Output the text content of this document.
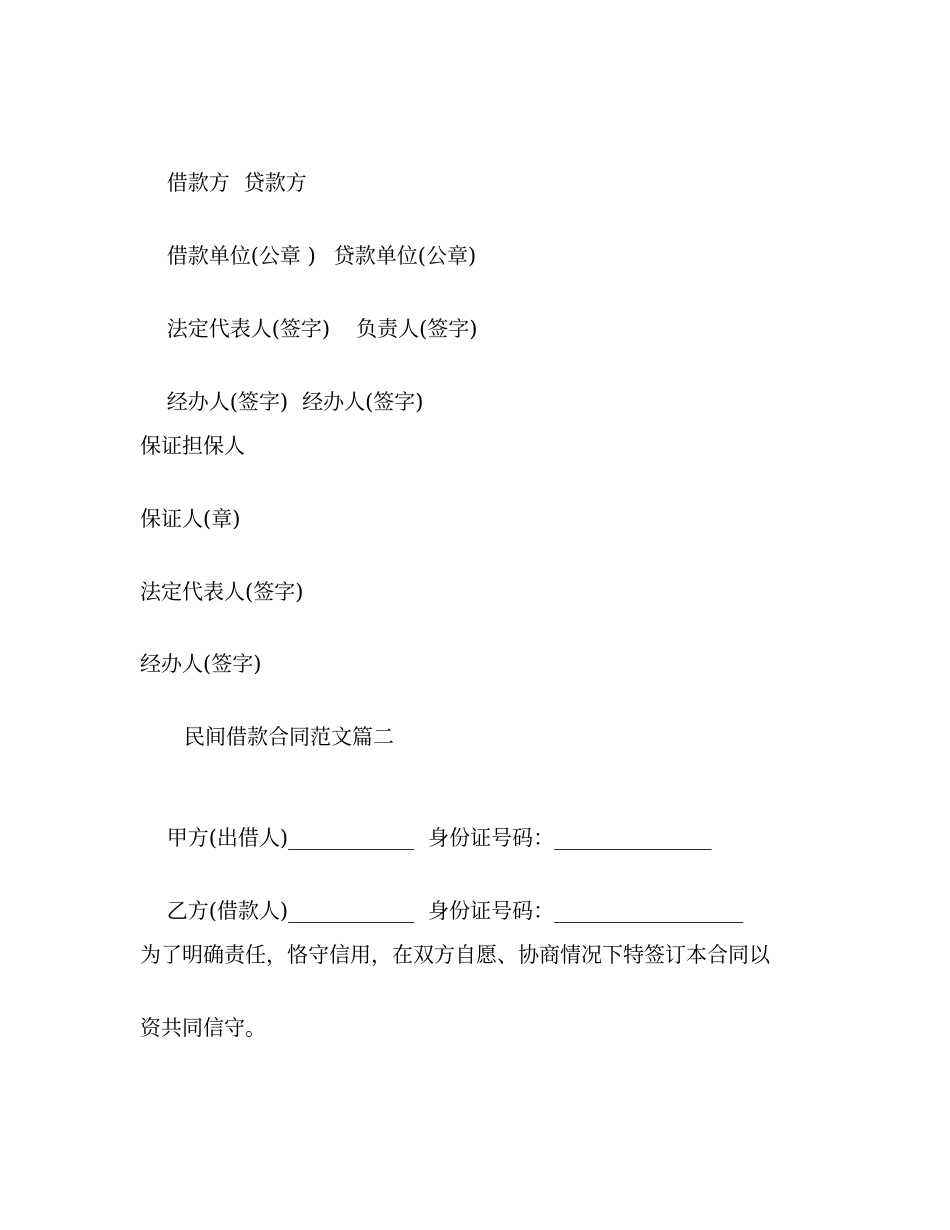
借款方 贷款方

借款单位(公章 ) 贷款单位(公章)

法定代表人(签字) 负责人(签字)

经办人(签字) 经办人(签字)

保证担保人
保证人(章)
法定代表人(签字)
经办人(签字)
民间借款合同范文篇二

甲方(出借人)____________ 身份证号码：_______________

乙方(借款人)____________ 身份证号码：__________________

为了明确责任，恪守信用，在双方自愿、协商情况下特签订本合同以
资共同信守。
